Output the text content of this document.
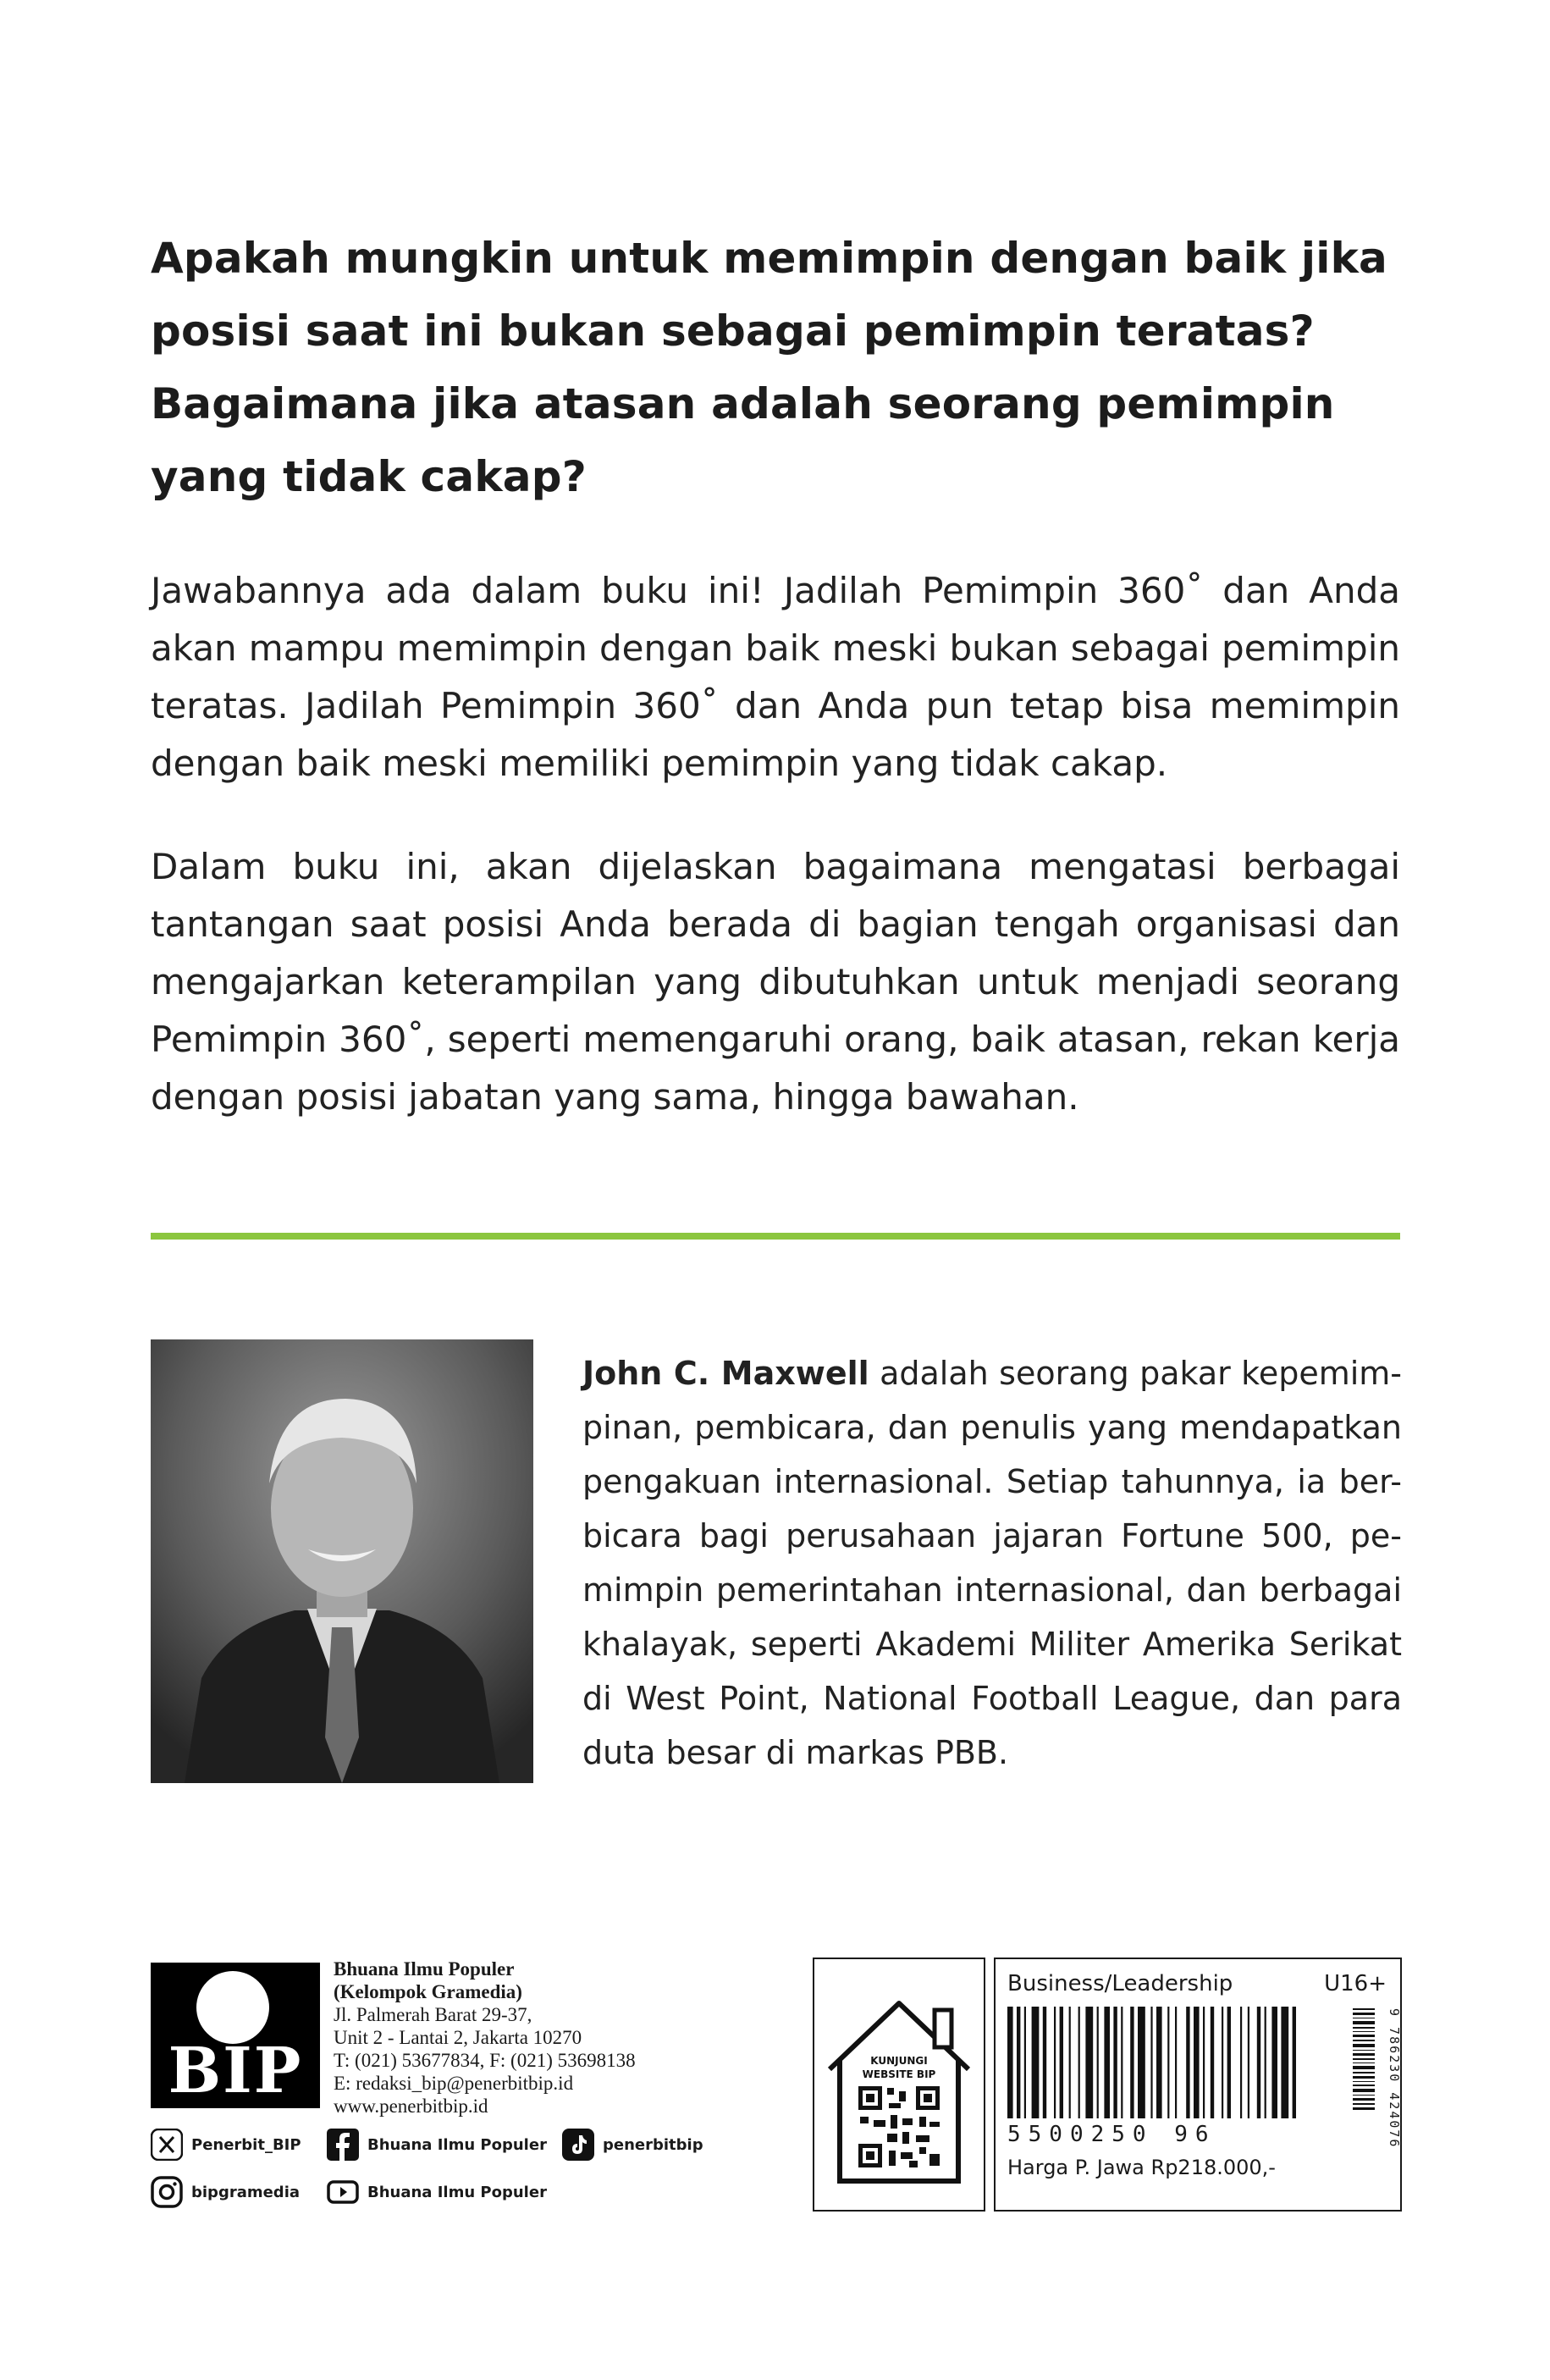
Apakah mungkin untuk memimpin dengan baik jika
posisi saat ini bukan sebagai pemimpin teratas?
Bagaimana jika atasan adalah seorang pemimpin
yang tidak cakap?
Jawabannya ada dalam buku ini! Jadilah Pemimpin 360˚ dan Anda
akan mampu memimpin dengan baik meski bukan sebagai pemimpin
teratas. Jadilah Pemimpin 360˚ dan Anda pun tetap bisa memimpin
dengan baik meski memiliki pemimpin yang tidak cakap.
Dalam buku ini, akan dijelaskan bagaimana mengatasi berbagai
tantangan saat posisi Anda berada di bagian tengah organisasi dan
mengajarkan keterampilan yang dibutuhkan untuk menjadi seorang
Pemimpin 360˚, seperti memengaruhi orang, baik atasan, rekan kerja
dengan posisi jabatan yang sama, hingga bawahan.
John C. Maxwell adalah seorang pakar kepemim-
pinan, pembicara, dan penulis yang mendapatkan
pengakuan internasional. Setiap tahunnya, ia ber-
bicara bagi perusahaan jajaran Fortune 500, pe-
mimpin pemerintahan internasional, dan berbagai
khalayak, seperti Akademi Militer Amerika Serikat
di West Point, National Football League, dan para
duta besar di markas PBB.
BIP
Bhuana Ilmu Populer
(Kelompok Gramedia)
Jl. Palmerah Barat 29-37,
Unit 2 - Lantai 2, Jakarta 10270
T: (021) 53677834, F: (021) 53698138
E: redaksi_bip@penerbitbip.id
www.penerbitbip.id
Penerbit_BIP	Bhuana Ilmu Populer	penerbitbip
bipgramedia	Bhuana Ilmu Populer
KUNJUNGI
WEBSITE BIP
Business/Leadership	U16+
5500250 96
Harga P. Jawa Rp218.000,-
9 786230 424076
